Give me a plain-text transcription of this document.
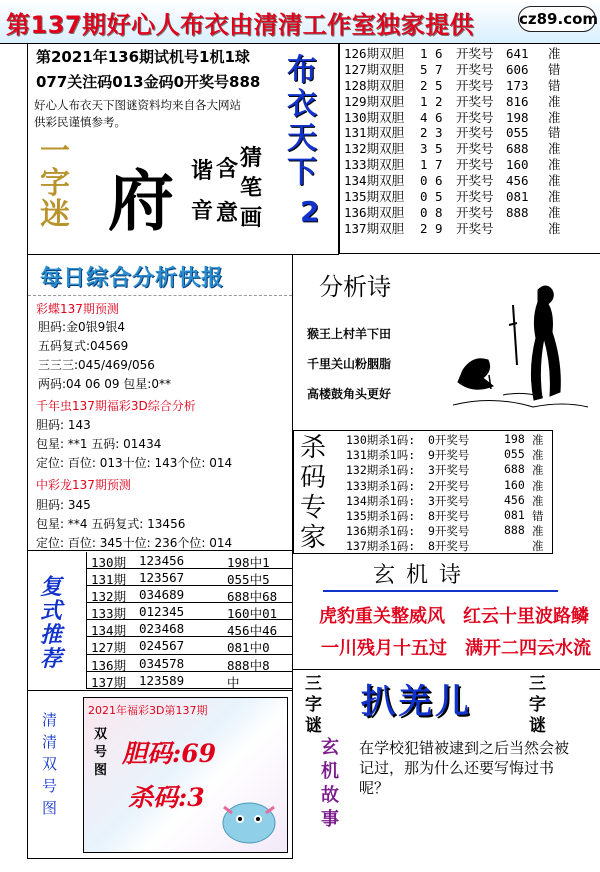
第137期好心人布衣由清清工作室独家提供	cz89.com
第2021年136期试机号1机1球
077关注码013金码0开奖号888
好心人布衣天下图谜资料均来自各大网站
供彩民谨慎参考。
一
字
迷 府 谐
音
含
意
猜
笔
画
布
衣
天
下
2
126期双胆 1 6 开奖号 641 准
127期双胆 5 7 开奖号 606 错
128期双胆 2 5 开奖号 173 错
129期双胆 1 2 开奖号 816 准
130期双胆 4 6 开奖号 198 准
131期双胆 2 3 开奖号 055 错
132期双胆 3 5 开奖号 688 准
133期双胆 1 7 开奖号 160 准
134期双胆 0 6 开奖号 456 准
135期双胆 0 5 开奖号 081 准
136期双胆 0 8 开奖号 888 准
137期双胆 2 9 开奖号	准
每日综合分析快报
彩蝶137期预测
胆码:金0银9银4
五码复式:04569
三三三:045/469/056
两码:04 06 09 包星:0**
千年虫137期福彩3D综合分析
胆码: 143
包星: **1 五码: 01434
定位: 百位: 013十位: 143个位: 014
中彩龙137期预测
胆码: 345
包星: **4 五码复式: 13456
定位: 百位: 345十位: 236个位: 014
分析诗
猴王上村羊下田
千里关山粉胭脂
高楼鼓角头更好
杀
码
专
家
130期杀1码: 0开奖号	198 准
131期杀1吗: 9开奖号	055 准
132期杀1码: 3开奖号	688 准
133期杀1码: 2开奖号	160 准
134期杀1码: 3开奖号	456 准
135期杀1码: 8开奖号	081 错
136期杀1码: 9开奖号	888 准
137期杀1码: 8开奖号	准
复
式
推
荐
130期 123456	198中1
131期 123567	055中5
132期 034689	688中68
133期 012345	160中01
134期 023468	456中46
127期 024567	081中0
136期 034578	888中8
137期 123589	中
玄 机 诗
虎豹重关整威风　红云十里波路鳞
一川残月十五过　满开二四云水流
清
清
双
号
图
2021年福彩3D第137期
双
号
图
胆码:69
杀码:3
三
字
谜
扒羌儿	三
字
谜
玄
机
故
事
在学校犯错被逮到之后当然会被记过，那为什么还要写悔过书呢？
